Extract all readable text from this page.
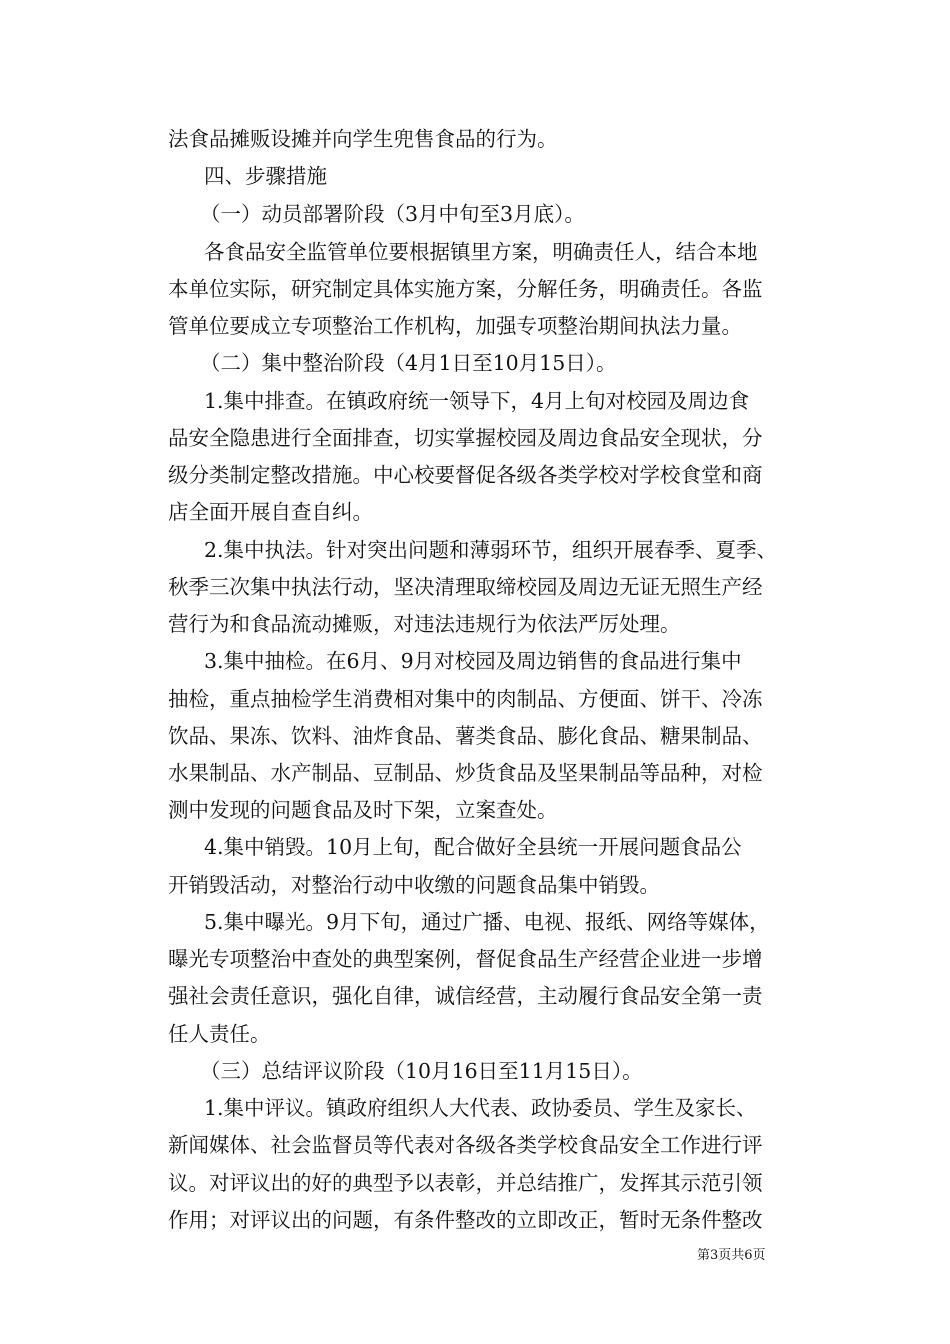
法食品摊贩设摊并向学生兜售食品的行为。
四、步骤措施
（一）动员部署阶段（3月中旬至3月底）。
各食品安全监管单位要根据镇里方案，明确责任人，结合本地
本单位实际，研究制定具体实施方案，分解任务，明确责任。各监
管单位要成立专项整治工作机构，加强专项整治期间执法力量。
（二）集中整治阶段（4月1日至10月15日）。
1.集中排查。在镇政府统一领导下，4月上旬对校园及周边食
品安全隐患进行全面排查，切实掌握校园及周边食品安全现状，分
级分类制定整改措施。中心校要督促各级各类学校对学校食堂和商
店全面开展自查自纠。
2.集中执法。针对突出问题和薄弱环节，组织开展春季、夏季、
秋季三次集中执法行动，坚决清理取缔校园及周边无证无照生产经
营行为和食品流动摊贩，对违法违规行为依法严厉处理。
3.集中抽检。在6月、9月对校园及周边销售的食品进行集中
抽检，重点抽检学生消费相对集中的肉制品、方便面、饼干、冷冻
饮品、果冻、饮料、油炸食品、薯类食品、膨化食品、糖果制品、
水果制品、水产制品、豆制品、炒货食品及坚果制品等品种，对检
测中发现的问题食品及时下架，立案查处。
4.集中销毁。10月上旬，配合做好全县统一开展问题食品公
开销毁活动，对整治行动中收缴的问题食品集中销毁。
5.集中曝光。9月下旬，通过广播、电视、报纸、网络等媒体，
曝光专项整治中查处的典型案例，督促食品生产经营企业进一步增
强社会责任意识，强化自律，诚信经营，主动履行食品安全第一责
任人责任。
（三）总结评议阶段（10月16日至11月15日）。
1.集中评议。镇政府组织人大代表、政协委员、学生及家长、
新闻媒体、社会监督员等代表对各级各类学校食品安全工作进行评
议。对评议出的好的典型予以表彰，并总结推广，发挥其示范引领
作用；对评议出的问题，有条件整改的立即改正，暂时无条件整改
第3页共6页
